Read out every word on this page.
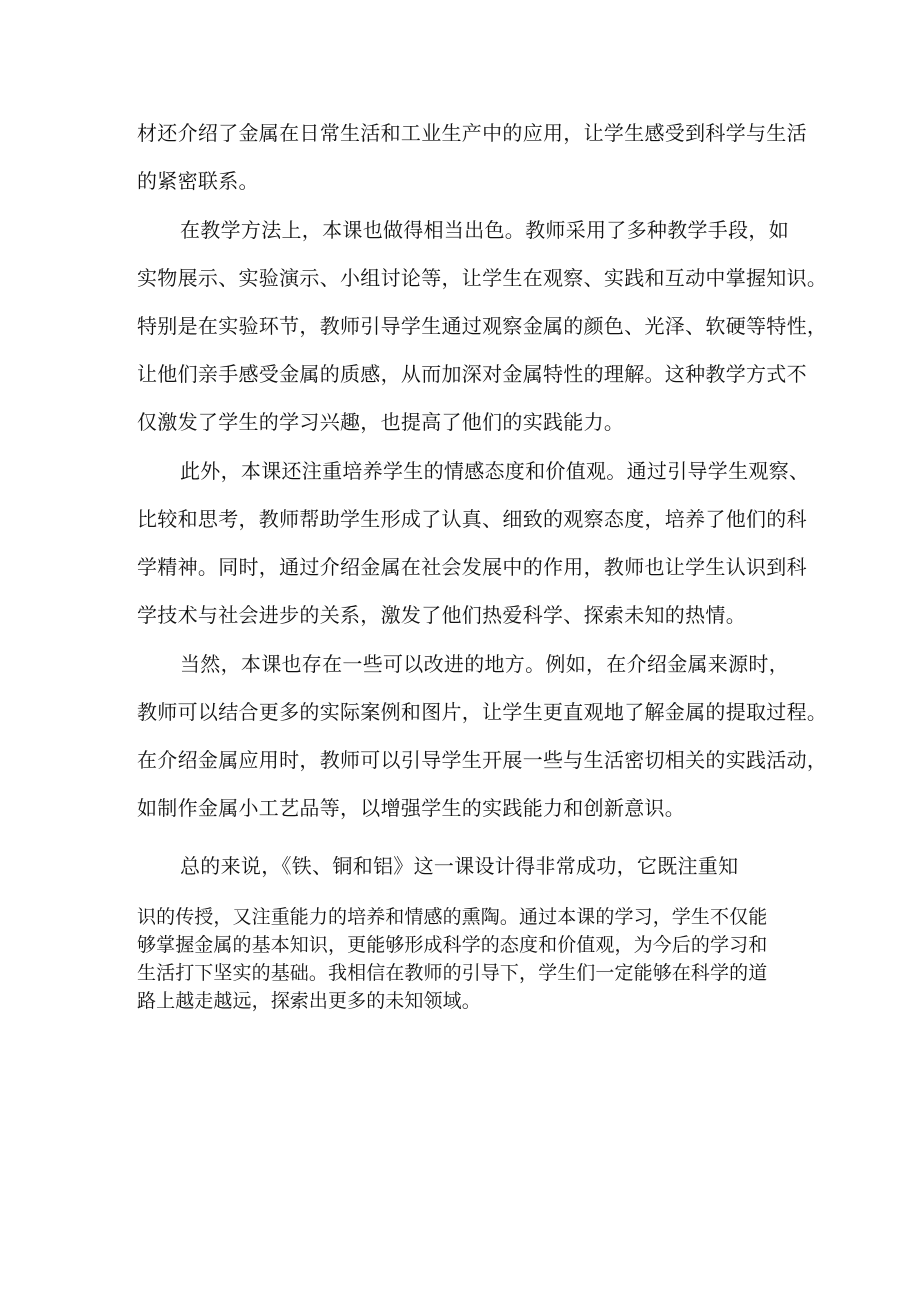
材还介绍了金属在日常生活和工业生产中的应用，让学生感受到科学与生活
的紧密联系。
在教学方法上，本课也做得相当出色。教师采用了多种教学手段，如
实物展示、实验演示、小组讨论等，让学生在观察、实践和互动中掌握知识。
特别是在实验环节，教师引导学生通过观察金属的颜色、光泽、软硬等特性，
让他们亲手感受金属的质感，从而加深对金属特性的理解。这种教学方式不
仅激发了学生的学习兴趣，也提高了他们的实践能力。
此外，本课还注重培养学生的情感态度和价值观。通过引导学生观察、
比较和思考，教师帮助学生形成了认真、细致的观察态度，培养了他们的科
学精神。同时，通过介绍金属在社会发展中的作用，教师也让学生认识到科
学技术与社会进步的关系，激发了他们热爱科学、探索未知的热情。
当然，本课也存在一些可以改进的地方。例如，在介绍金属来源时，
教师可以结合更多的实际案例和图片，让学生更直观地了解金属的提取过程。
在介绍金属应用时，教师可以引导学生开展一些与生活密切相关的实践活动，
如制作金属小工艺品等，以增强学生的实践能力和创新意识。
总的来说，《铁、铜和铝》这一课设计得非常成功，它既注重知
识的传授，又注重能力的培养和情感的熏陶。通过本课的学习，学生不仅能
够掌握金属的基本知识，更能够形成科学的态度和价值观，为今后的学习和
生活打下坚实的基础。我相信在教师的引导下，学生们一定能够在科学的道
路上越走越远，探索出更多的未知领域。
